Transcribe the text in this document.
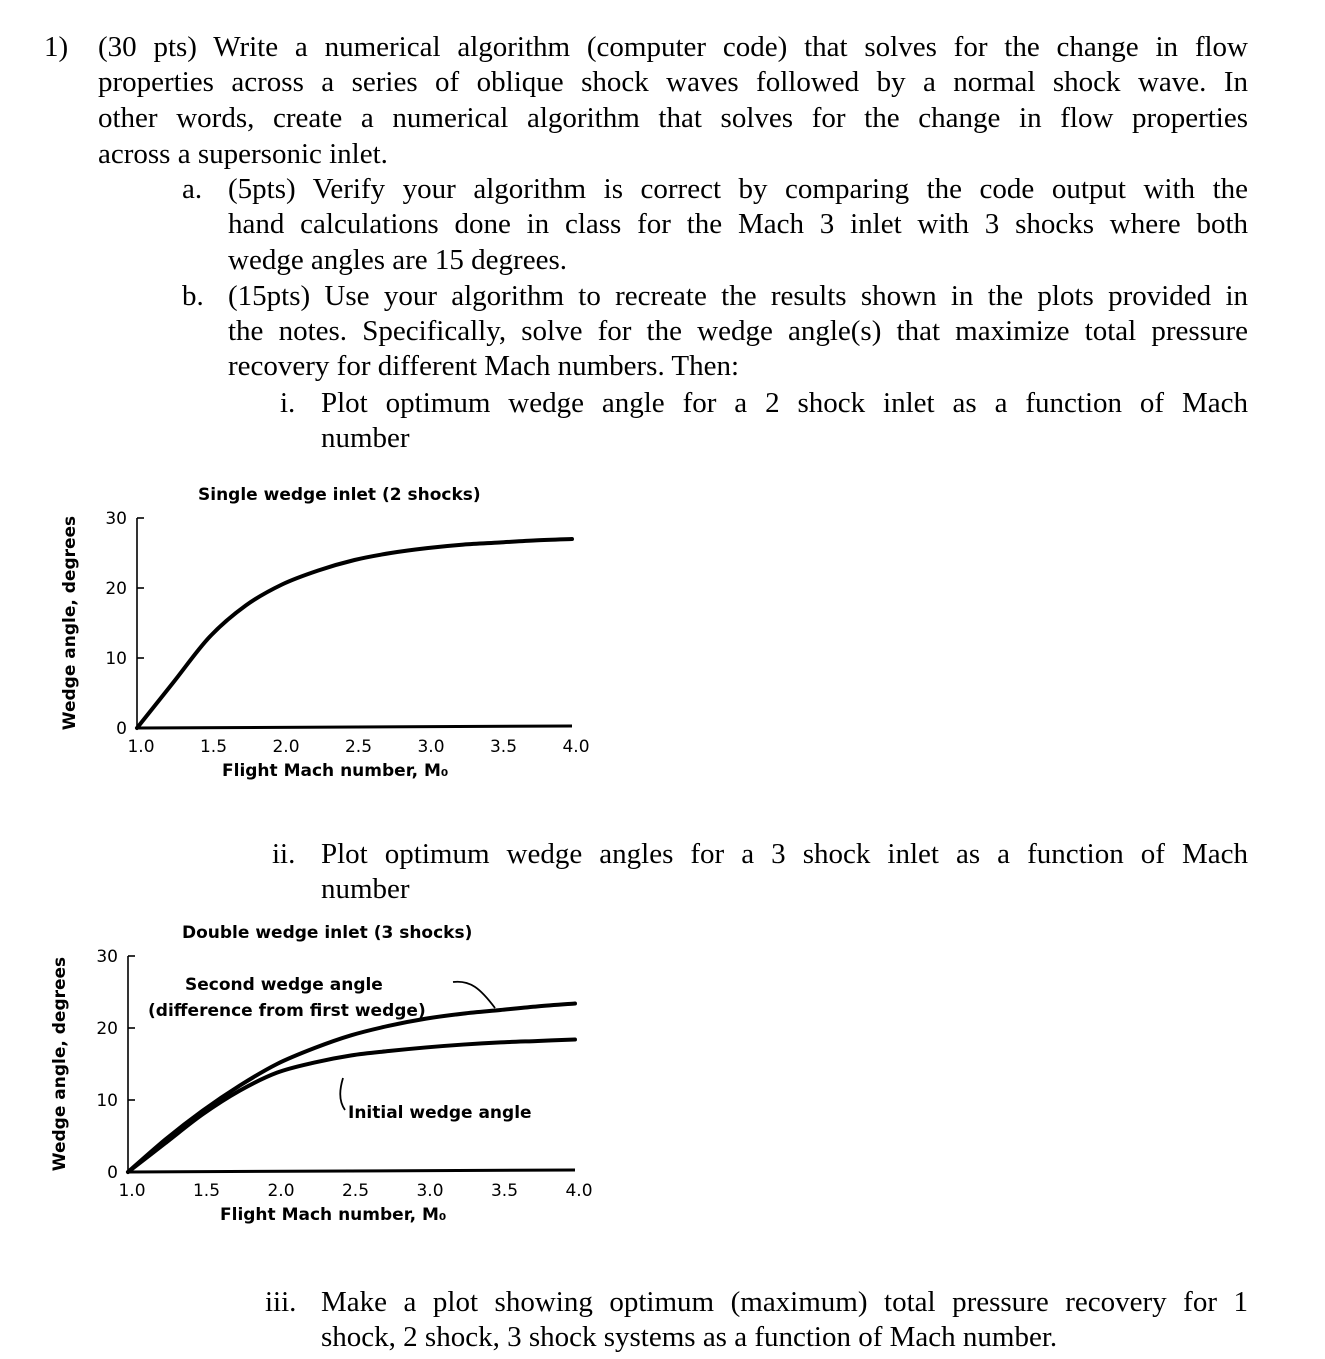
1) (30 pts) Write a numerical algorithm (computer code) that solves for the change in flow
properties across a series of oblique shock waves followed by a normal shock wave. In
other words, create a numerical algorithm that solves for the change in flow properties
across a supersonic inlet.
a. (5pts) Verify your algorithm is correct by comparing the code output with the
hand calculations done in class for the Mach 3 inlet with 3 shocks where both
wedge angles are 15 degrees.
b. (15pts) Use your algorithm to recreate the results shown in the plots provided in
the notes. Specifically, solve for the wedge angle(s) that maximize total pressure
recovery for different Mach numbers. Then:
i. Plot optimum wedge angle for a 2 shock inlet as a function of Mach
number
Single wedge inlet (2 shocks)
0
10
20
30
1.0	1.5	2.0	2.5	3.0	3.5	4.0
Flight Mach number, M₀
Wedge angle, degrees
ii. Plot optimum wedge angles for a 3 shock inlet as a function of Mach
number
Double wedge inlet (3 shocks)
0
10
20
30
1.0	1.5	2.0	2.5	3.0	3.5	4.0
Flight Mach number, M₀
Wedge angle, degrees	Second wedge angle
(difference from first wedge)
Initial wedge angle
iii. Make a plot showing optimum (maximum) total pressure recovery for 1
shock, 2 shock, 3 shock systems as a function of Mach number.
